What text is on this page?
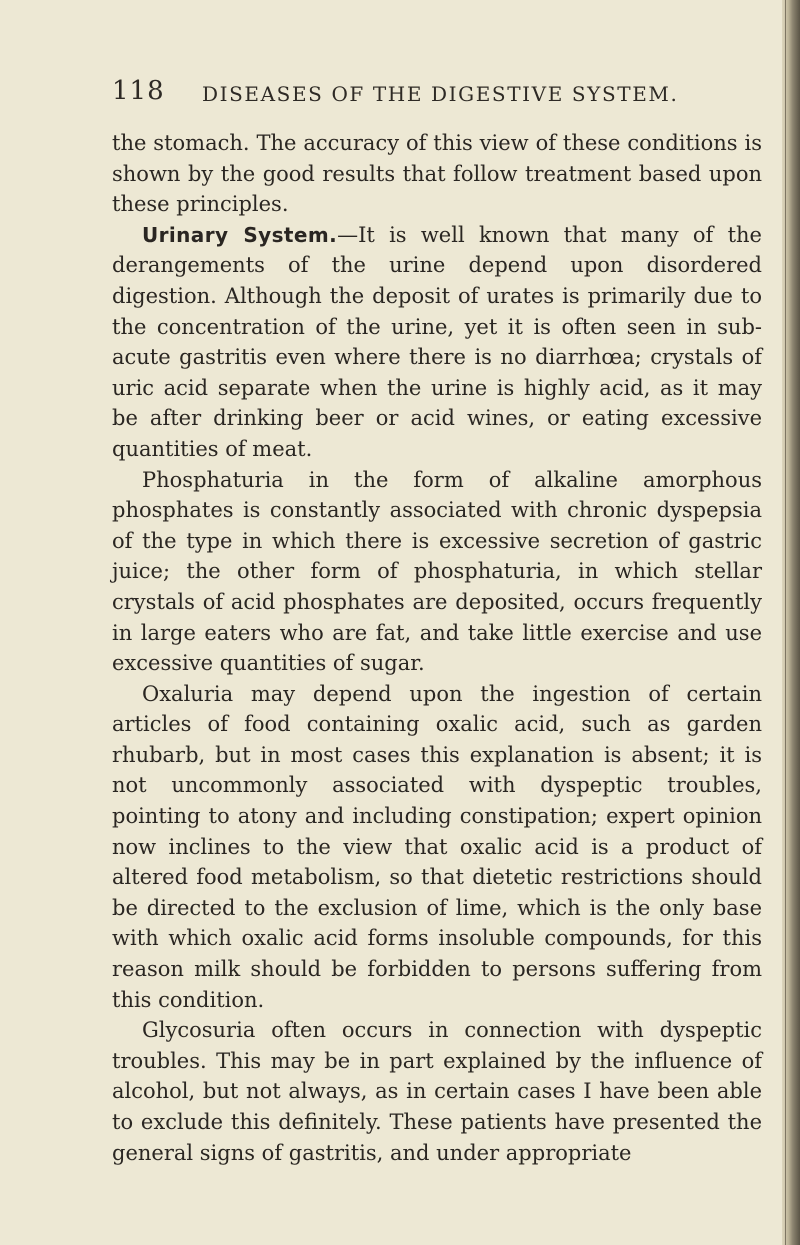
118 DISEASES OF THE DIGESTIVE SYSTEM.

the stomach. The accuracy of this view of these conditions is shown by the good results that follow treatment based upon these principles.

Urinary System.—It is well known that many of the derangements of the urine depend upon disordered digestion. Although the deposit of urates is primarily due to the concentration of the urine, yet it is often seen in sub-acute gastritis even where there is no diarrhœa; crystals of uric acid separate when the urine is highly acid, as it may be after drinking beer or acid wines, or eating excessive quantities of meat.

Phosphaturia in the form of alkaline amorphous phosphates is constantly associated with chronic dyspepsia of the type in which there is excessive secretion of gastric juice; the other form of phosphaturia, in which stellar crystals of acid phosphates are deposited, occurs frequently in large eaters who are fat, and take little exercise and use excessive quantities of sugar.

Oxaluria may depend upon the ingestion of certain articles of food containing oxalic acid, such as garden rhubarb, but in most cases this explanation is absent; it is not uncommonly associated with dyspeptic troubles, pointing to atony and including constipation; expert opinion now inclines to the view that oxalic acid is a product of altered food metabolism, so that dietetic restrictions should be directed to the exclusion of lime, which is the only base with which oxalic acid forms insoluble compounds, for this reason milk should be forbidden to persons suffering from this condition.

Glycosuria often occurs in connection with dyspeptic troubles. This may be in part explained by the influence of alcohol, but not always, as in certain cases I have been able to exclude this definitely. These patients have presented the general signs of gastritis, and under appropriate
